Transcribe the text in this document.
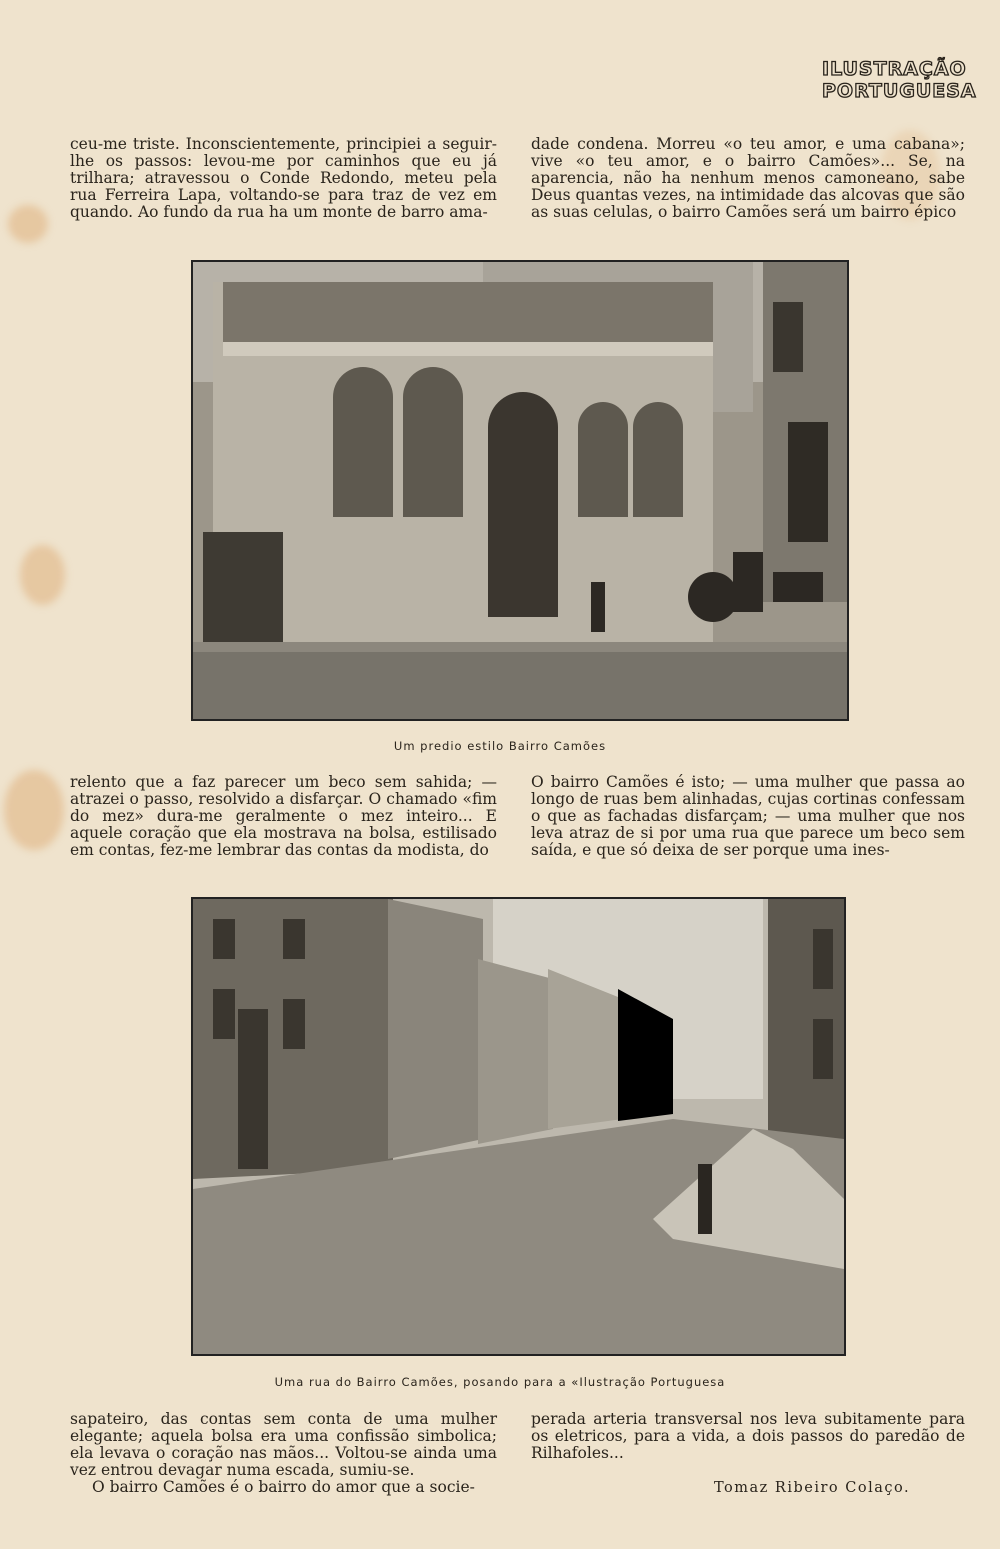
ILUSTRAÇÃO
PORTUGUESA

ceu-me triste. Inconscientemente, principiei a seguir-lhe os passos: levou-me por caminhos que eu já trilhara; atravessou o Conde Redondo, meteu pela rua Ferreira Lapa, voltando-se para traz de vez em quando. Ao fundo da rua ha um monte de barro ama-

dade condena. Morreu «o teu amor, e uma cabana»; vive «o teu amor, e o bairro Camões»... Se, na aparencia, não ha nenhum menos camoneano, sabe Deus quantas vezes, na intimidade das alcovas que são as suas celulas, o bairro Camões será um bairro épico

Um predio estilo Bairro Camões

relento que a faz parecer um beco sem sahida; — atrazei o passo, resolvido a disfarçar. O chamado «fim do mez» dura-me geralmente o mez inteiro... E aquele coração que ela mostrava na bolsa, estilisado em contas, fez-me lembrar das contas da modista, do

O bairro Camões é isto; — uma mulher que passa ao longo de ruas bem alinhadas, cujas cortinas confessam o que as fachadas disfarçam; — uma mulher que nos leva atraz de si por uma rua que parece um beco sem saída, e que só deixa de ser porque uma ines-

Uma rua do Bairro Camões, posando para a «Ilustração Portuguesa

sapateiro, das contas sem conta de uma mulher elegante; aquela bolsa era uma confissão simbolica; ela levava o coração nas mãos... Voltou-se ainda uma vez entrou devagar numa escada, sumiu-se.

O bairro Camões é o bairro do amor que a socie-

perada arteria transversal nos leva subitamente para os eletricos, para a vida, a dois passos do paredão de Rilhafoles...

Tomaz Ribeiro Colaço.
